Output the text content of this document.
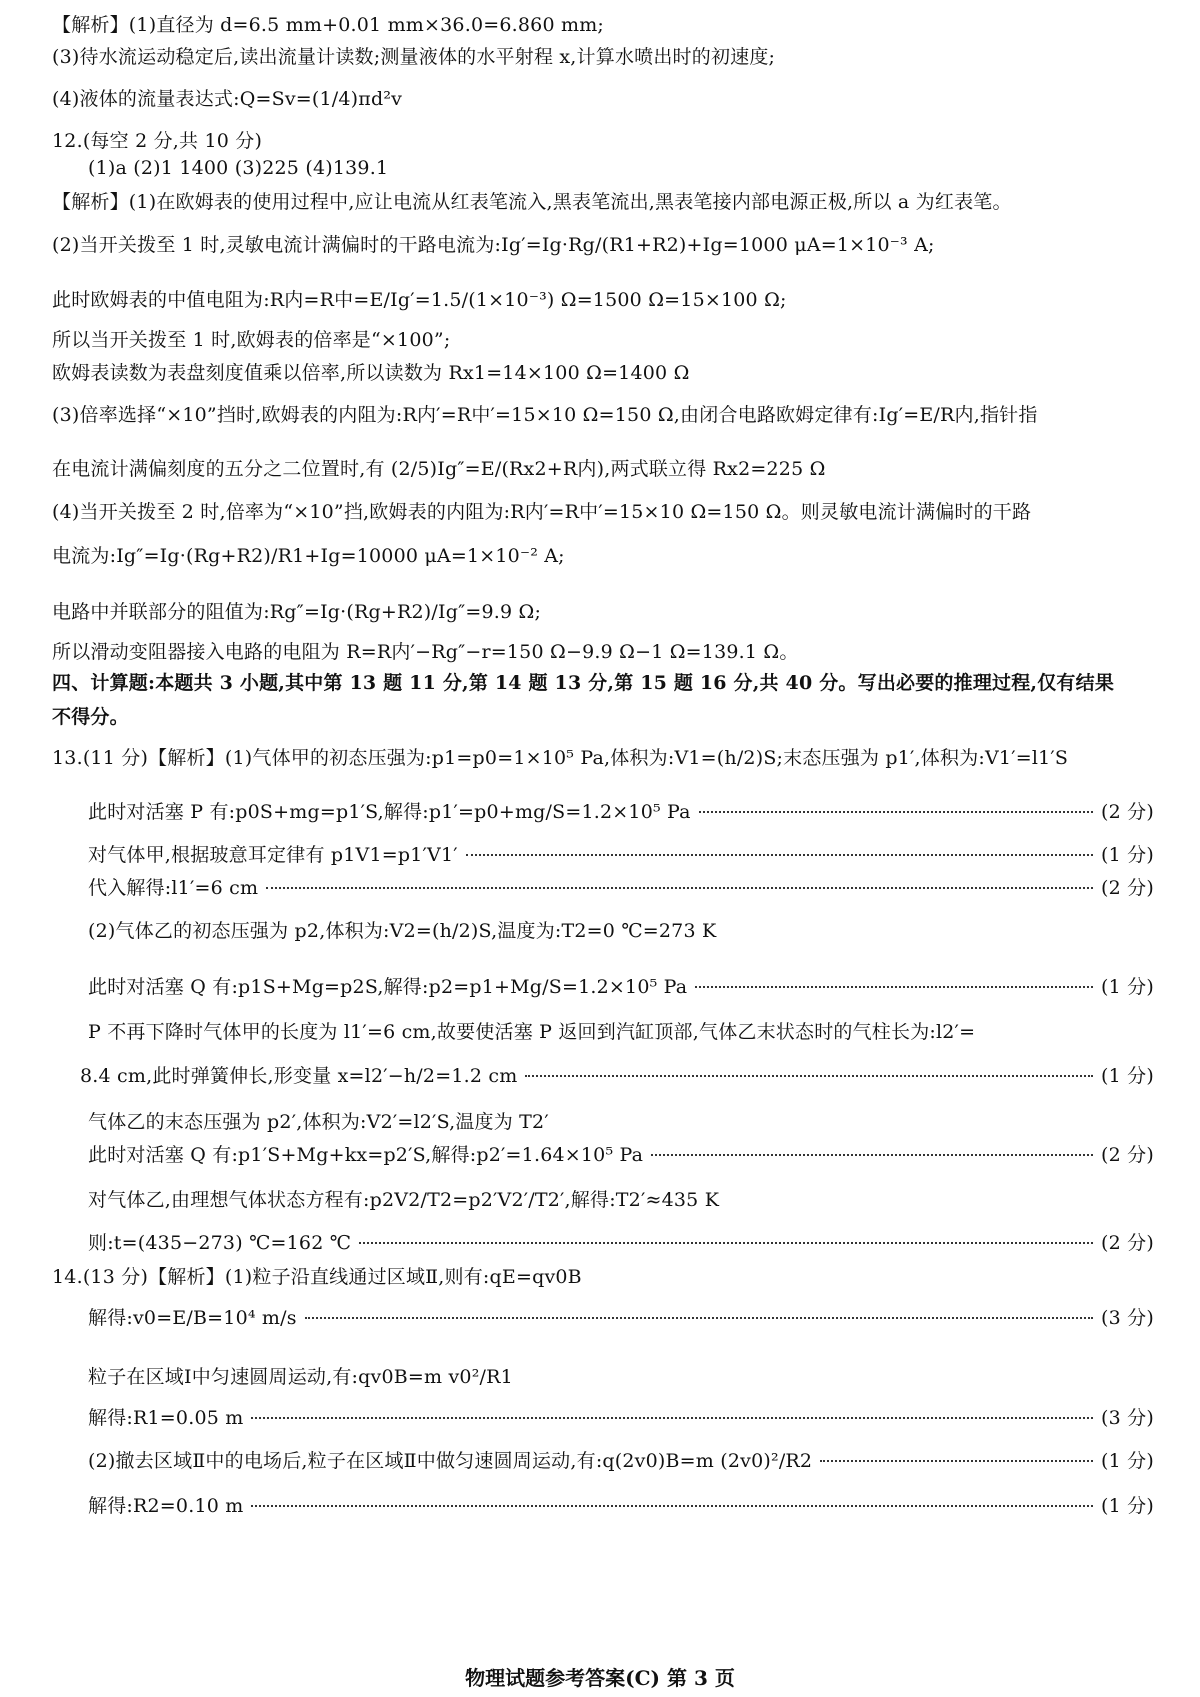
【解析】(1)直径为 d=6.5 mm+0.01 mm×36.0=6.860 mm;
(3)待水流运动稳定后,读出流量计读数;测量液体的水平射程 x,计算水喷出时的初速度;
(4)液体的流量表达式:Q=Sv=(1/4)πd²v
12.(每空 2 分,共 10 分)
(1)a (2)1 1400 (3)225 (4)139.1
【解析】(1)在欧姆表的使用过程中,应让电流从红表笔流入,黑表笔流出,黑表笔接内部电源正极,所以 a 为红表笔。
(2)当开关拨至 1 时,灵敏电流计满偏时的干路电流为:Ig′=Ig·Rg/(R1+R2)+Ig=1000 μA=1×10⁻³ A;
此时欧姆表的中值电阻为:R内=R中=E/Ig′=1.5/(1×10⁻³) Ω=1500 Ω=15×100 Ω;
所以当开关拨至 1 时,欧姆表的倍率是“×100”;
欧姆表读数为表盘刻度值乘以倍率,所以读数为 Rx1=14×100 Ω=1400 Ω
(3)倍率选择“×10”挡时,欧姆表的内阻为:R内′=R中′=15×10 Ω=150 Ω,由闭合电路欧姆定律有:Ig′=E/R内,指针指
在电流计满偏刻度的五分之二位置时,有 (2/5)Ig″=E/(Rx2+R内),两式联立得 Rx2=225 Ω
(4)当开关拨至 2 时,倍率为“×10”挡,欧姆表的内阻为:R内′=R中′=15×10 Ω=150 Ω。则灵敏电流计满偏时的干路
电流为:Ig″=Ig·(Rg+R2)/R1+Ig=10000 μA=1×10⁻² A;
电路中并联部分的阻值为:Rg″=Ig·(Rg+R2)/Ig″=9.9 Ω;
所以滑动变阻器接入电路的电阻为 R=R内′−Rg″−r=150 Ω−9.9 Ω−1 Ω=139.1 Ω。
四、计算题:本题共 3 小题,其中第 13 题 11 分,第 14 题 13 分,第 15 题 16 分,共 40 分。写出必要的推理过程,仅有结果
不得分。
13.(11 分)【解析】(1)气体甲的初态压强为:p1=p0=1×10⁵ Pa,体积为:V1=(h/2)S;末态压强为 p1′,体积为:V1′=l1′S
此时对活塞 P 有:p0S+mg=p1′S,解得:p1′=p0+mg/S=1.2×10⁵ Pa	(2 分)
对气体甲,根据玻意耳定律有 p1V1=p1′V1′	(1 分)
代入解得:l1′=6 cm	(2 分)
(2)气体乙的初态压强为 p2,体积为:V2=(h/2)S,温度为:T2=0 ℃=273 K
此时对活塞 Q 有:p1S+Mg=p2S,解得:p2=p1+Mg/S=1.2×10⁵ Pa	(1 分)
P 不再下降时气体甲的长度为 l1′=6 cm,故要使活塞 P 返回到汽缸顶部,气体乙末状态时的气柱长为:l2′=
8.4 cm,此时弹簧伸长,形变量 x=l2′−h/2=1.2 cm	(1 分)
气体乙的末态压强为 p2′,体积为:V2′=l2′S,温度为 T2′
此时对活塞 Q 有:p1′S+Mg+kx=p2′S,解得:p2′=1.64×10⁵ Pa	(2 分)
对气体乙,由理想气体状态方程有:p2V2/T2=p2′V2′/T2′,解得:T2′≈435 K
则:t=(435−273) ℃=162 ℃	(2 分)
14.(13 分)【解析】(1)粒子沿直线通过区域Ⅱ,则有:qE=qv0B
解得:v0=E/B=10⁴ m/s	(3 分)
粒子在区域Ⅰ中匀速圆周运动,有:qv0B=m v0²/R1
解得:R1=0.05 m	(3 分)
(2)撤去区域Ⅱ中的电场后,粒子在区域Ⅱ中做匀速圆周运动,有:q(2v0)B=m (2v0)²/R2	(1 分)
解得:R2=0.10 m	(1 分)
物理试题参考答案(C) 第 3 页
